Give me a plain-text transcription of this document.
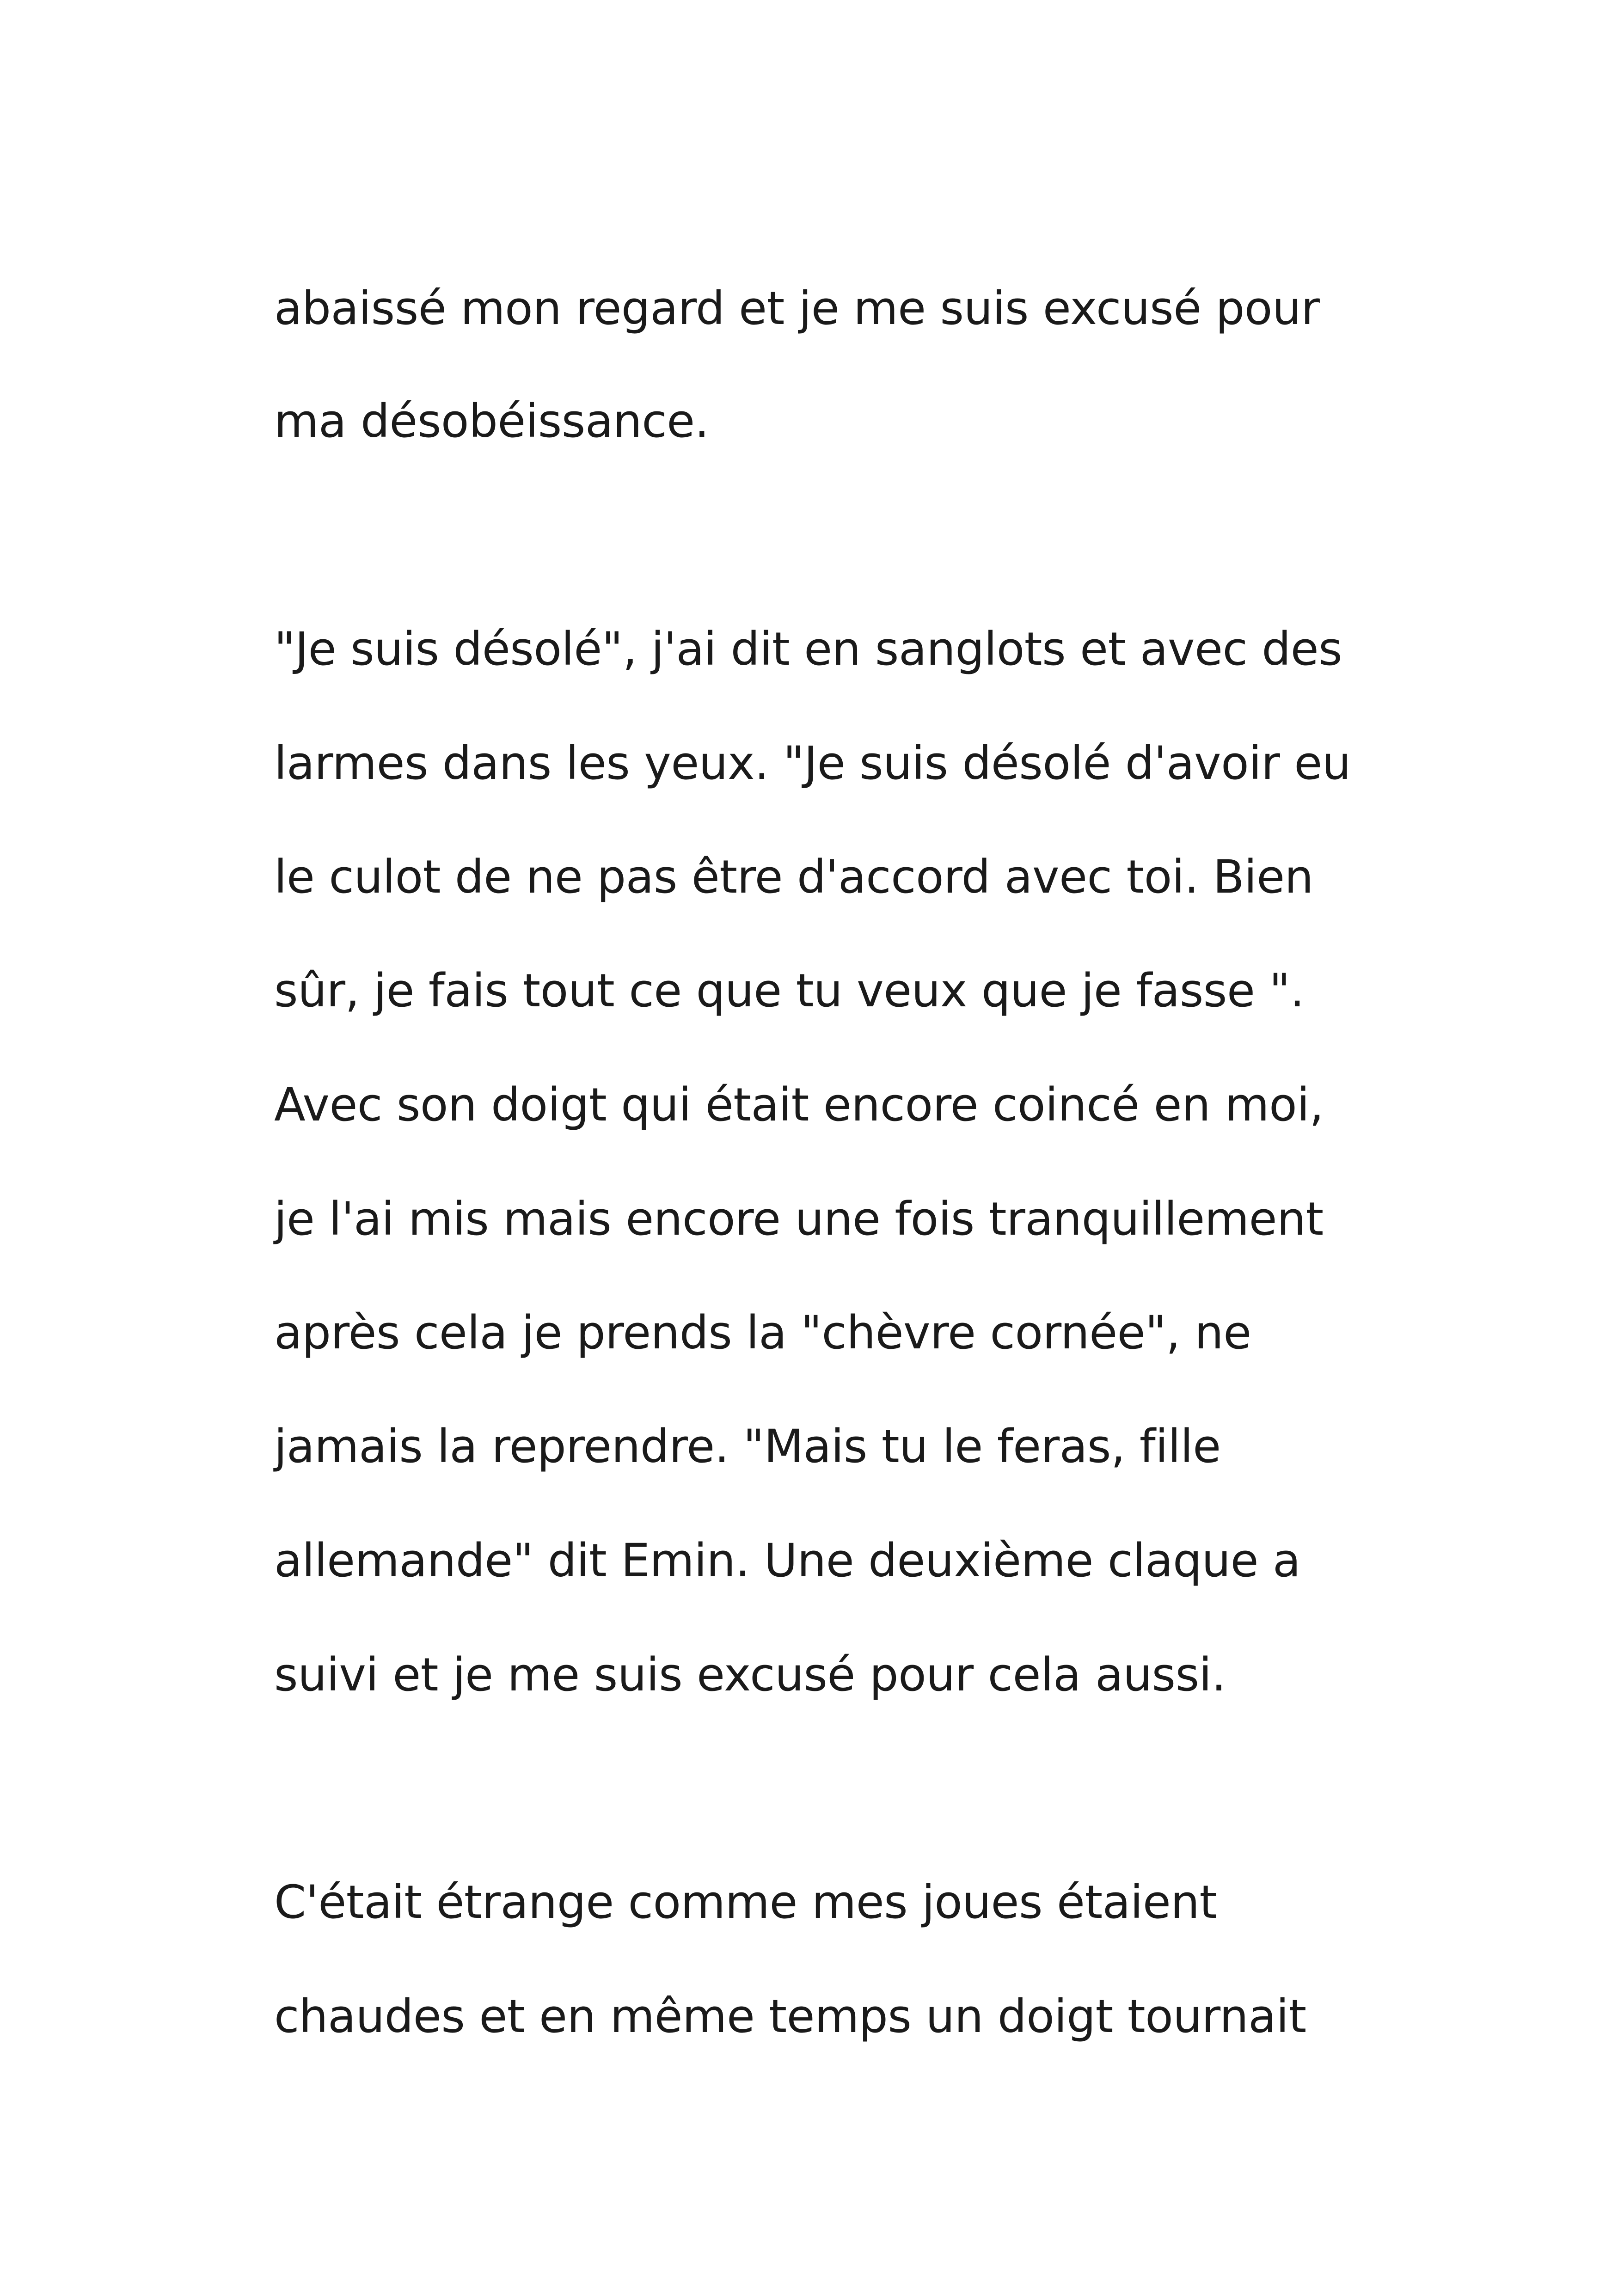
abaissé mon regard et je me suis excusé pour
ma désobéissance.
"Je suis désolé", j'ai dit en sanglots et avec des
larmes dans les yeux. "Je suis désolé d'avoir eu
le culot de ne pas être d'accord avec toi. Bien
sûr, je fais tout ce que tu veux que je fasse ".
Avec son doigt qui était encore coincé en moi,
je l'ai mis mais encore une fois tranquillement
après cela je prends la "chèvre cornée", ne
jamais la reprendre. "Mais tu le feras, fille
allemande" dit Emin. Une deuxième claque a
suivi et je me suis excusé pour cela aussi.
C'était étrange comme mes joues étaient
chaudes et en même temps un doigt tournait
